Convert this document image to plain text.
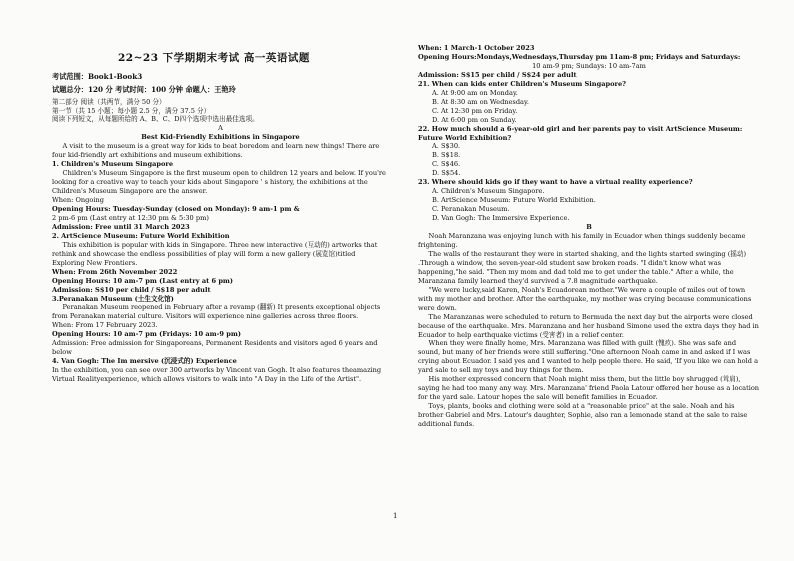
22~23 下学期期末考试 高一英语试题

考试范围：Book1-Book3

试题总分：120 分 考试时间：100 分钟 命题人：王艳玲

第二部分 阅读（共两节，满分 50 分）

第一节（共 15 小题；每小题 2.5 分，满分 37.5 分）

阅读下列短文，从每题所给的 A、B、C、D四个选项中选出最佳选项。

A

Best Kid-Friendly Exhibitions in Singapore

A visit to the museum is a great way for kids to beat boredom and learn new things! There are four kid-friendly art exhibitions and museum exhibitions.

1. Children's Museum Singapore

Children's Museum Singapore is the first museum open to children 12 years and below. If you're looking for a creative way to teach your kids about Singapore ' s history, the exhibitions at the Children's Museum Singapore are the answer.

When: Ongoing

Opening Hours: Tuesday-Sunday (closed on Monday): 9 am-1 pm &

2 pm-6 pm (Last entry at 12:30 pm & 5:30 pm)

Admission: Free until 31 March 2023

2. ArtScience Museum: Future World Exhibition

This exhibition is popular with kids in Singapore. Three new interactive (互动的) artworks that rethink and showcase the endless possibilities of play will form a new gallery (展览馆)titled Exploring New Frontiers.

When: From 26th November 2022

Opening Hours: 10 am-7 pm (Last entry at 6 pm)

Admission: S$10 per child / S$18 per adult

3.Peranakan Museum (土生文化馆)

Peranakan Museum reopened in February after a revamp (翻新) It presents exceptional objects from Peranakan material culture. Visitors will experience nine galleries across three floors.

When: From 17 February 2023.

Opening Hours: 10 am-7 pm (Fridays: 10 am-9 pm)

Admission: Free admission for Singaporeans, Permanent Residents and visitors aged 6 years and below

4. Van Gogh: The Im mersive (沉浸式的) Experience

In the exhibition, you can see over 300 artworks by Vincent van Gogh. It also features theamazing Virtual Realityexperience, which allows visitors to walk into "A Day in the Life of the Artist".

When: 1 March-1 October 2023

Opening Hours:Mondays,Wednesdays,Thursday pm 11am-8 pm; Fridays and Saturdays:

10 am-9 pm; Sundays: 10 am-7am

Admission: S$15 per child / S$24 per adult

21. When can kids enter Children's Museum Singapore?

A. At 9:00 am on Monday.

B. At 8:30 am on Wednesday.

C. At 12:30 pm on Friday.

D. At 6:00 pm on Sunday.

22. How much should a 6-year-old girl and her parents pay to visit ArtScience Museum: Future World Exhibition?

A. S$30.

B. S$18.

C. S$46.

D. S$54.

23. Where should kids go if they want to have a virtual reality experience?

A. Children's Museum Singapore.

B. ArtScience Museum: Future World Exhibition.

C. Peranakan Museum.

D. Van Gogh: The Immersive Experience.

B

Noah Maranzana was enjoying lunch with his family in Ecuador when things suddenly became frightening.

The walls of the restaurant they were in started shaking, and the lights started swinging (摇动) .Through a window, the seven-year-old student saw broken roads. "I didn't know what was happening,"he said. "Then my mom and dad told me to get under the table." After a while, the Maranzana family learned they'd survived a 7.8 magnitude earthquake.

"We were lucky,said Karen, Noah's Ecuadorean mother."We were a couple of miles out of town with my mother and brother. After the earthquake, my mother was crying because communications were down.

The Maranzanas were scheduled to return to Bermuda the next day but the airports were closed because of the earthquake. Mrs. Maranzana and her husband Simone used the extra days they had in Ecuador to help earthquake victims (受害者) in a relief center.

When they were finally home, Mrs. Maranzana was filled with guilt (愧疚). She was safe and sound, but many of her friends were still suffering."One afternoon Noah came in and asked if I was crying about Ecuador. I said yes and I wanted to help people there. He said, 'If you like we can hold a yard sale to sell my toys and buy things for them.

His mother expressed concern that Noah might miss them, but the little boy shrugged (耸肩), saying he had too many any way. Mrs. Maranzana' friend Paola Latour offered her house as a location for the yard sale. Latour hopes the sale will benefit families in Ecuador.

Toys, plants, books and clothing were sold at a "reasonable price" at the sale. Noah and his brother Gabriel and Mrs. Latour's daughter, Sophie, also ran a lemonade stand at the sale to raise additional funds.

1
